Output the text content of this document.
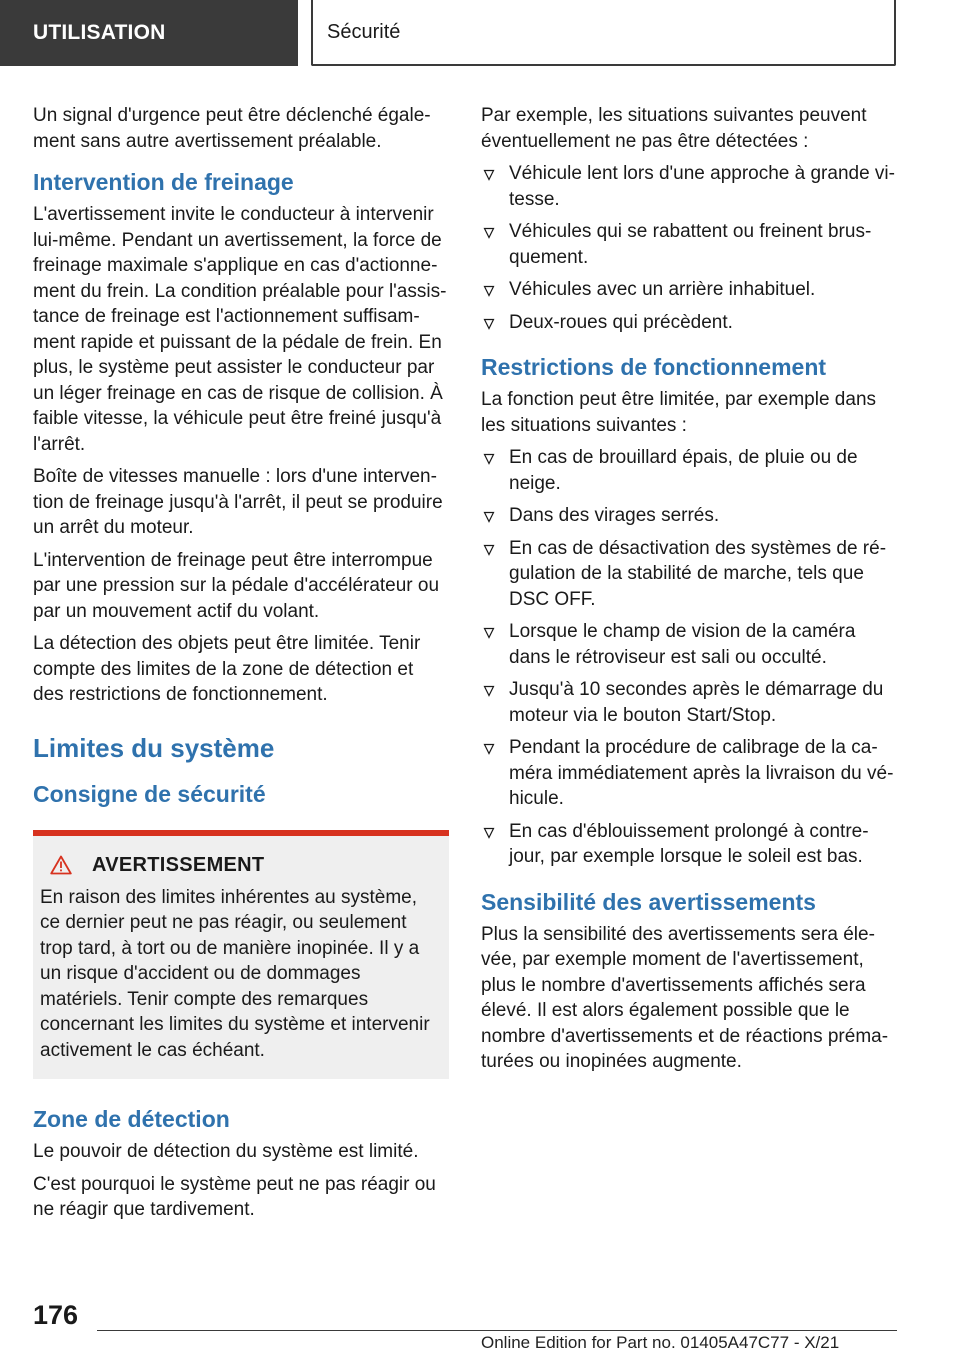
UTILISATION	Sécurité

Un signal d'urgence peut être déclenché également sans autre avertissement préalable.

Intervention de freinage

L'avertissement invite le conducteur à intervenir lui-même. Pendant un avertissement, la force de freinage maximale s'applique en cas d'actionnement du frein. La condition préalable pour l'assistance de freinage est l'actionnement suffisamment rapide et puissant de la pédale de frein. En plus, le système peut assister le conducteur par un léger freinage en cas de risque de collision. À faible vitesse, la véhicule peut être freiné jusqu'à l'arrêt.

Boîte de vitesses manuelle : lors d'une intervention de freinage jusqu'à l'arrêt, il peut se produire un arrêt du moteur.

L'intervention de freinage peut être interrompue par une pression sur la pédale d'accélérateur ou par un mouvement actif du volant.

La détection des objets peut être limitée. Tenir compte des limites de la zone de détection et des restrictions de fonctionnement.

Limites du système
Consigne de sécurité
AVERTISSEMENT
En raison des limites inhérentes au système, ce dernier peut ne pas réagir, ou seulement trop tard, à tort ou de manière inopinée. Il y a un risque d'accident ou de dommages matériels. Tenir compte des remarques concernant les limites du système et intervenir activement le cas échéant.
Zone de détection

Le pouvoir de détection du système est limité.

C'est pourquoi le système peut ne pas réagir ou ne réagir que tardivement.

Par exemple, les situations suivantes peuvent éventuellement ne pas être détectées :

Véhicule lent lors d'une approche à grande vitesse.
Véhicules qui se rabattent ou freinent brusquement.
Véhicules avec un arrière inhabituel.
Deux-roues qui précèdent.
Restrictions de fonctionnement

La fonction peut être limitée, par exemple dans les situations suivantes :

En cas de brouillard épais, de pluie ou de neige.
Dans des virages serrés.
En cas de désactivation des systèmes de régulation de la stabilité de marche, tels que DSC OFF.
Lorsque le champ de vision de la caméra dans le rétroviseur est sali ou occulté.
Jusqu'à 10 secondes après le démarrage du moteur via le bouton Start/Stop.
Pendant la procédure de calibrage de la caméra immédiatement après la livraison du véhicule.
En cas d'éblouissement prolongé à contre-jour, par exemple lorsque le soleil est bas.
Sensibilité des avertissements

Plus la sensibilité des avertissements sera élevée, par exemple moment de l'avertissement, plus le nombre d'avertissements affichés sera élevé. Il est alors également possible que le nombre d'avertissements et de réactions prématurées ou inopinées augmente.

176
Online Edition for Part no. 01405A47C77 - X/21
